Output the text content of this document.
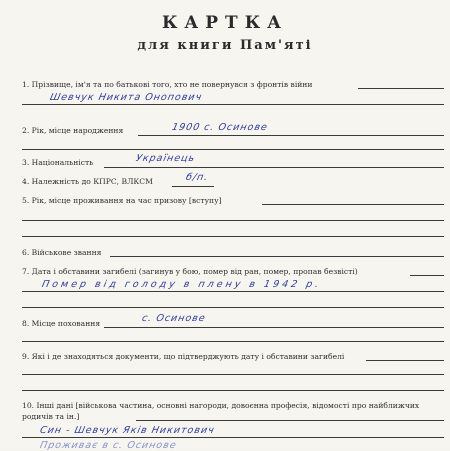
КАРТКА
для книги Пам'яті
1. Прізвище, ім'я та по батькові того, хто не повернувся з фронтів війни
Шевчук Никита Онопович
2. Рік, місце народження	1900 с. Осинове
3. Національність	Українець
4. Належність до КПРС, ВЛКСМ	б/п.
5. Рік, місце проживання на час призову [вступу]
6. Військове звання
7. Дата і обставини загибелі (загинув у бою, помер від ран, помер, пропав безвісті)
Помер від голоду в плену в 1942 р.
8. Місце поховання	с. Осинове
9. Які і де знаходяться документи, що підтверджують дату і обставини загибелі
10. Інші дані [військова частина, основні нагороди, довоєнна професія, відомості про найближчих родичів та ін.]
Син - Шевчук Яків Никитович
Проживає в с. Осинове
